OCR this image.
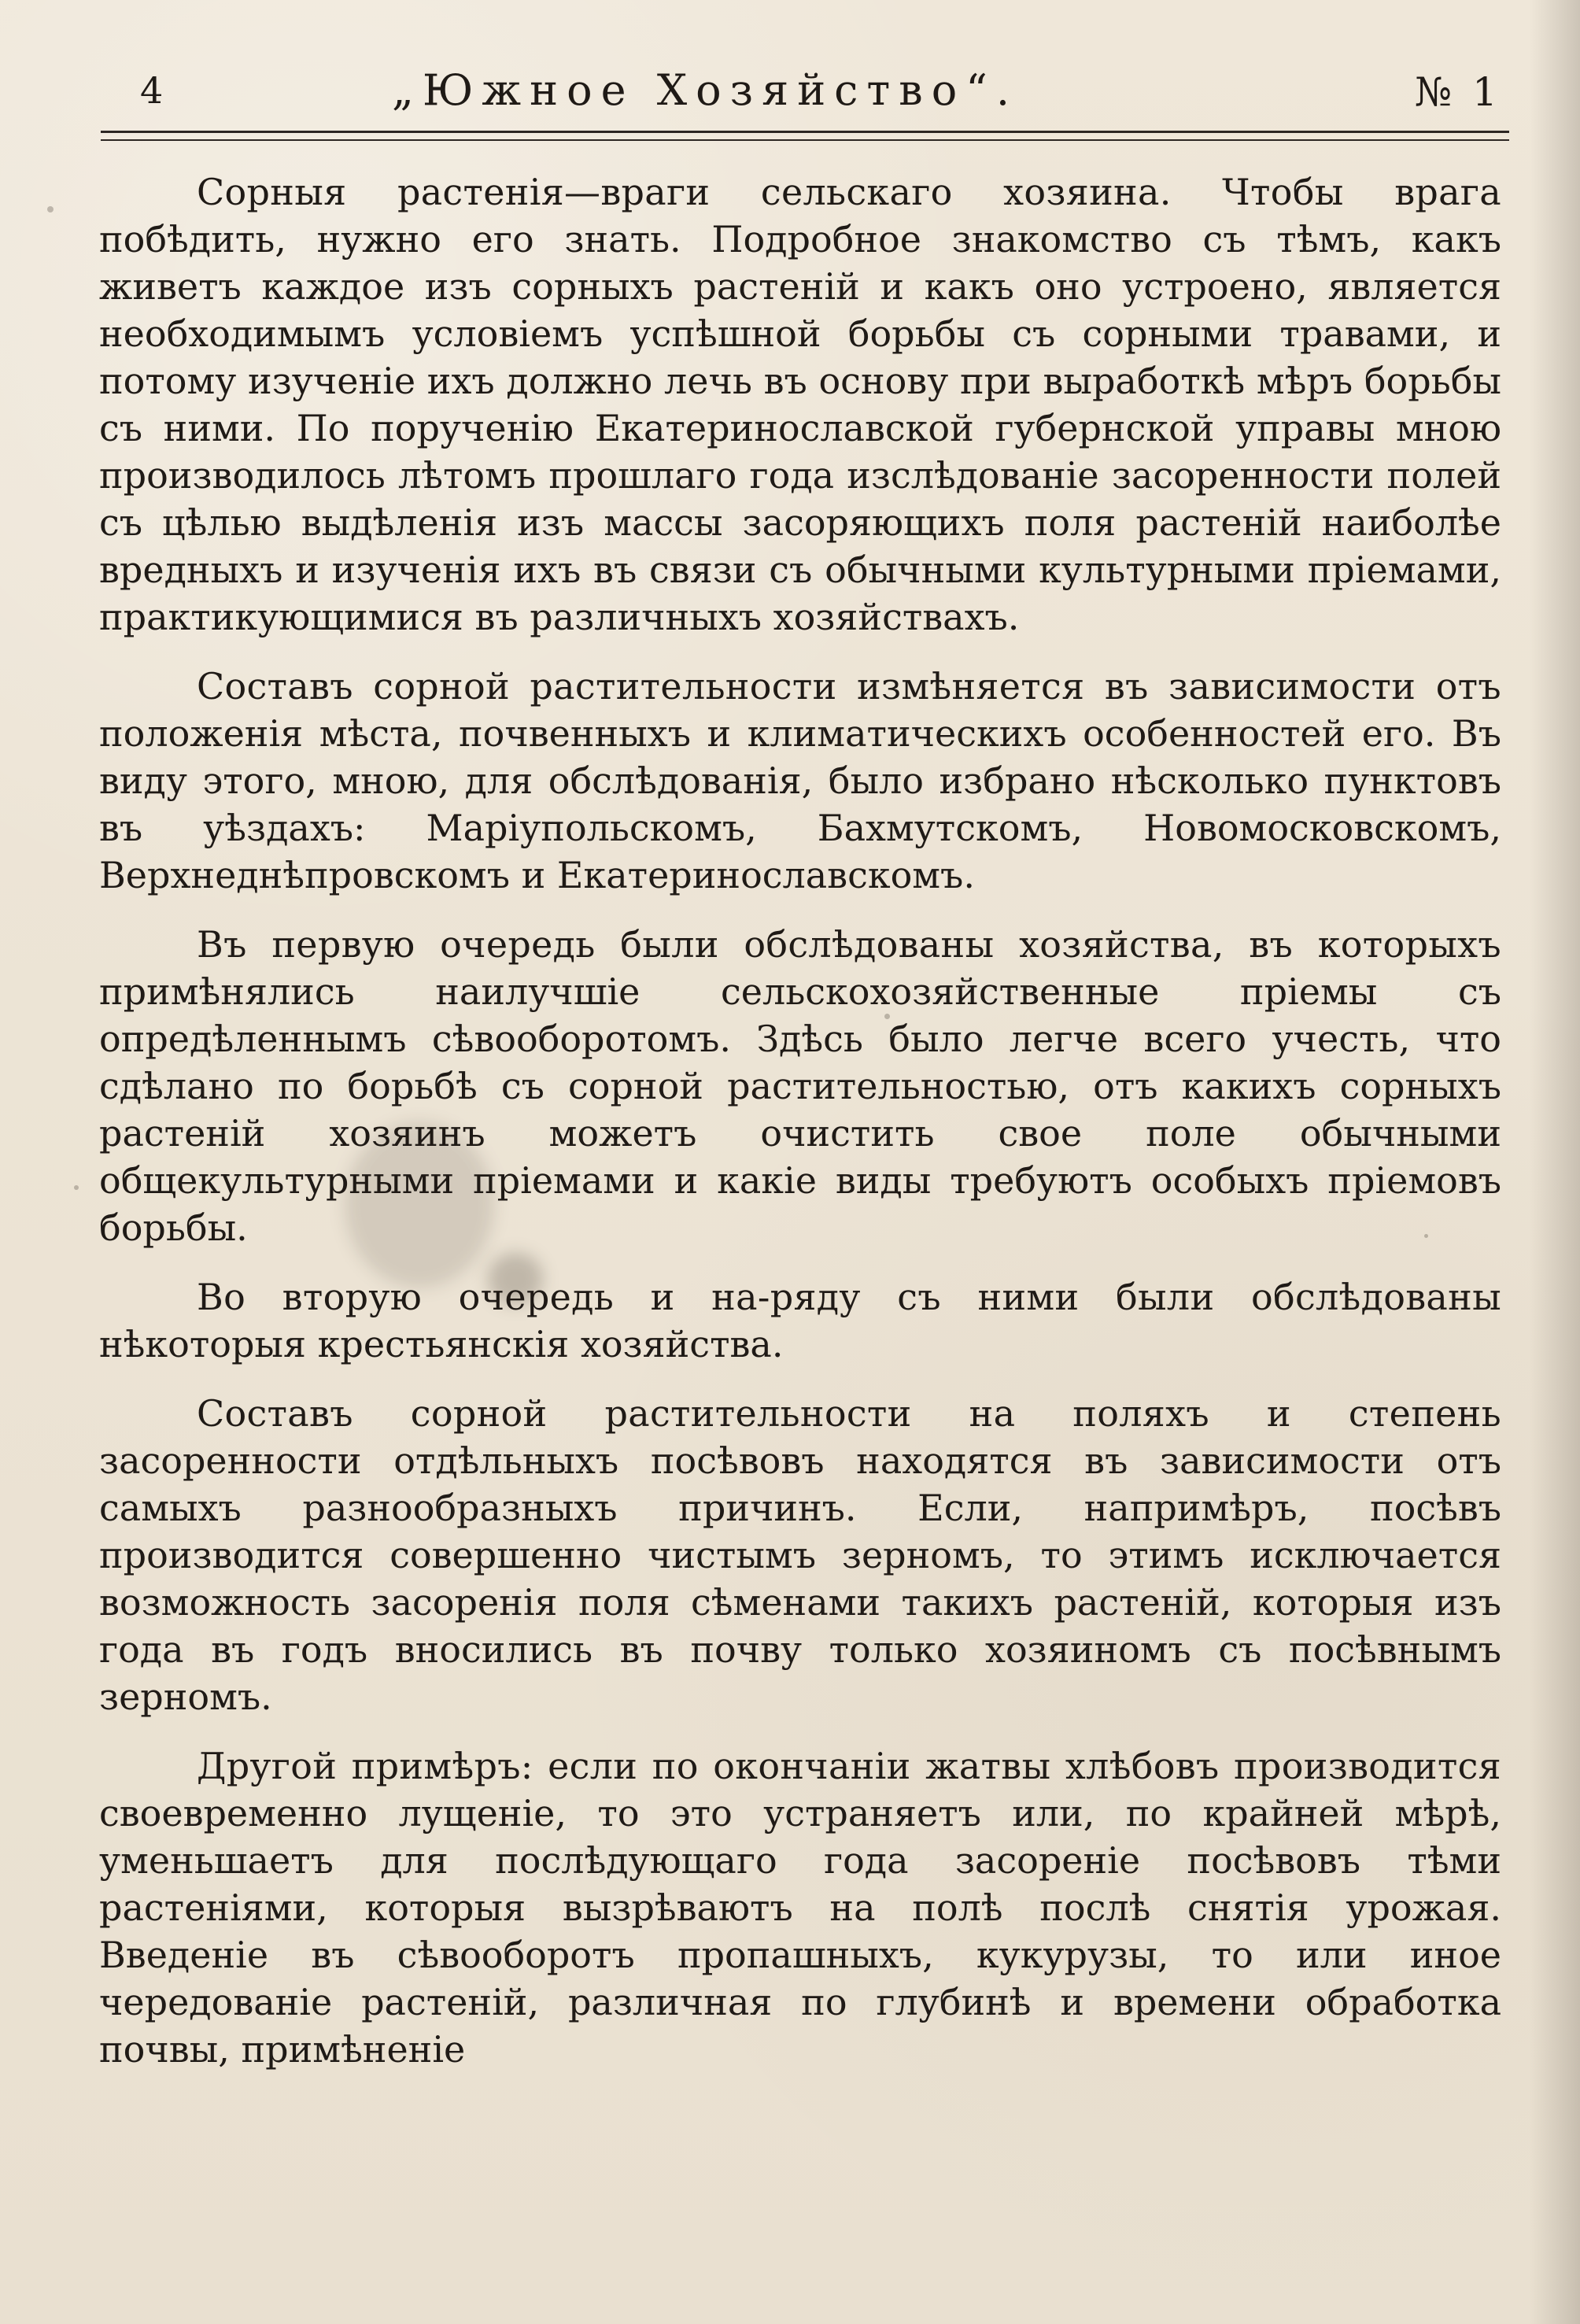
4	„Южное Хозяйство“.	№ 1

Сорныя растенія—враги сельскаго хозяина. Чтобы врага побѣдить, нужно его знать. Подробное знакомство съ тѣмъ, какъ живетъ каждое изъ сорныхъ растеній и какъ оно устроено, является необходимымъ условіемъ успѣшной борьбы съ сорными травами, и потому изученіе ихъ должно лечь въ основу при выработкѣ мѣръ борьбы съ ними. По порученію Екатеринославской губернской управы мною производилось лѣтомъ прошлаго года изслѣдованіе засоренности полей съ цѣлью выдѣленія изъ массы засоряющихъ поля растеній наиболѣе вредныхъ и изученія ихъ въ связи съ обычными культурными пріемами, практикующимися въ различныхъ хозяйствахъ.

Составъ сорной растительности измѣняется въ зависимости отъ положенія мѣста, почвенныхъ и климатическихъ особенностей его. Въ виду этого, мною, для обслѣдованія, было избрано нѣсколько пунктовъ въ уѣздахъ: Маріупольскомъ, Бахмутскомъ, Новомосковскомъ, Верхнеднѣпровскомъ и Екатеринославскомъ.

Въ первую очередь были обслѣдованы хозяйства, въ которыхъ примѣнялись наилучшіе сельскохозяйственные пріемы съ опредѣленнымъ сѣвооборотомъ. Здѣсь было легче всего учесть, что сдѣлано по борьбѣ съ сорной растительностью, отъ какихъ сорныхъ растеній хозяинъ можетъ очистить свое поле обычными общекультурными пріемами и какіе виды требуютъ особыхъ пріемовъ борьбы.

Во вторую очередь и на-ряду съ ними были обслѣдованы нѣкоторыя крестьянскія хозяйства.

Составъ сорной растительности на поляхъ и степень засоренности отдѣльныхъ посѣвовъ находятся въ зависимости отъ самыхъ разнообразныхъ причинъ. Если, напримѣръ, посѣвъ производится совершенно чистымъ зерномъ, то этимъ исключается возможность засоренія поля сѣменами такихъ растеній, которыя изъ года въ годъ вносились въ почву только хозяиномъ съ посѣвнымъ зерномъ.

Другой примѣръ: если по окончаніи жатвы хлѣбовъ производится своевременно лущеніе, то это устраняетъ или, по крайней мѣрѣ, уменьшаетъ для послѣдующаго года засореніе посѣвовъ тѣми растеніями, которыя вызрѣваютъ на полѣ послѣ снятія урожая. Введеніе въ сѣвооборотъ пропашныхъ, кукурузы, то или иное чередованіе растеній, различная по глубинѣ и времени обработка почвы, примѣненіе
